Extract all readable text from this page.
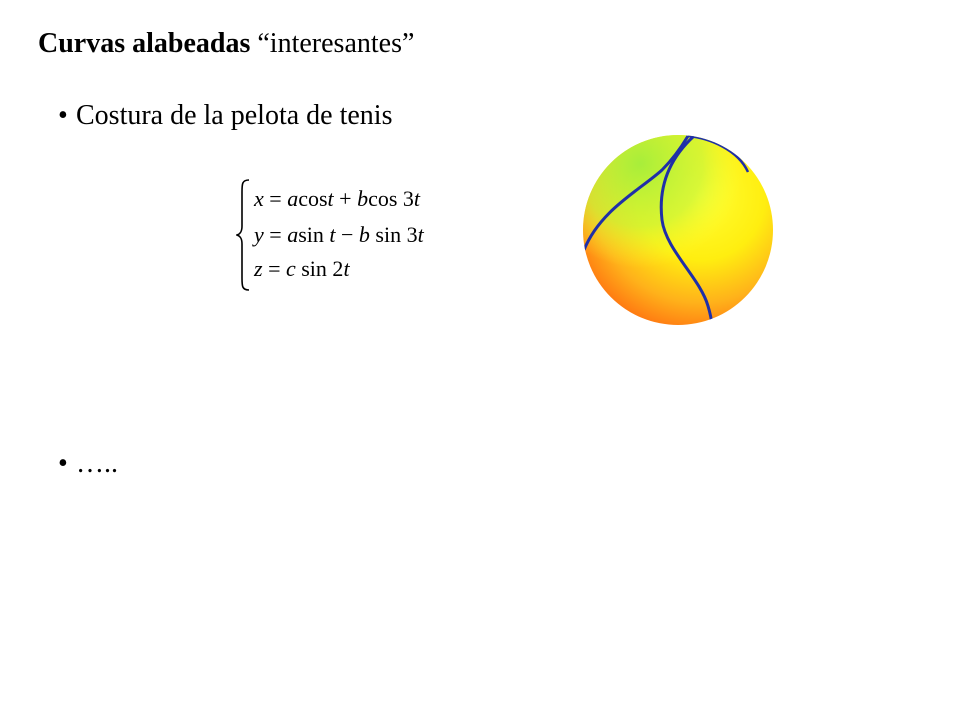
Curvas alabeadas “interesantes”
• Costura de la pelota de tenis
x = acost + bcos 3t
y = asin t − b sin 3t
z = c sin 2t
• …..
